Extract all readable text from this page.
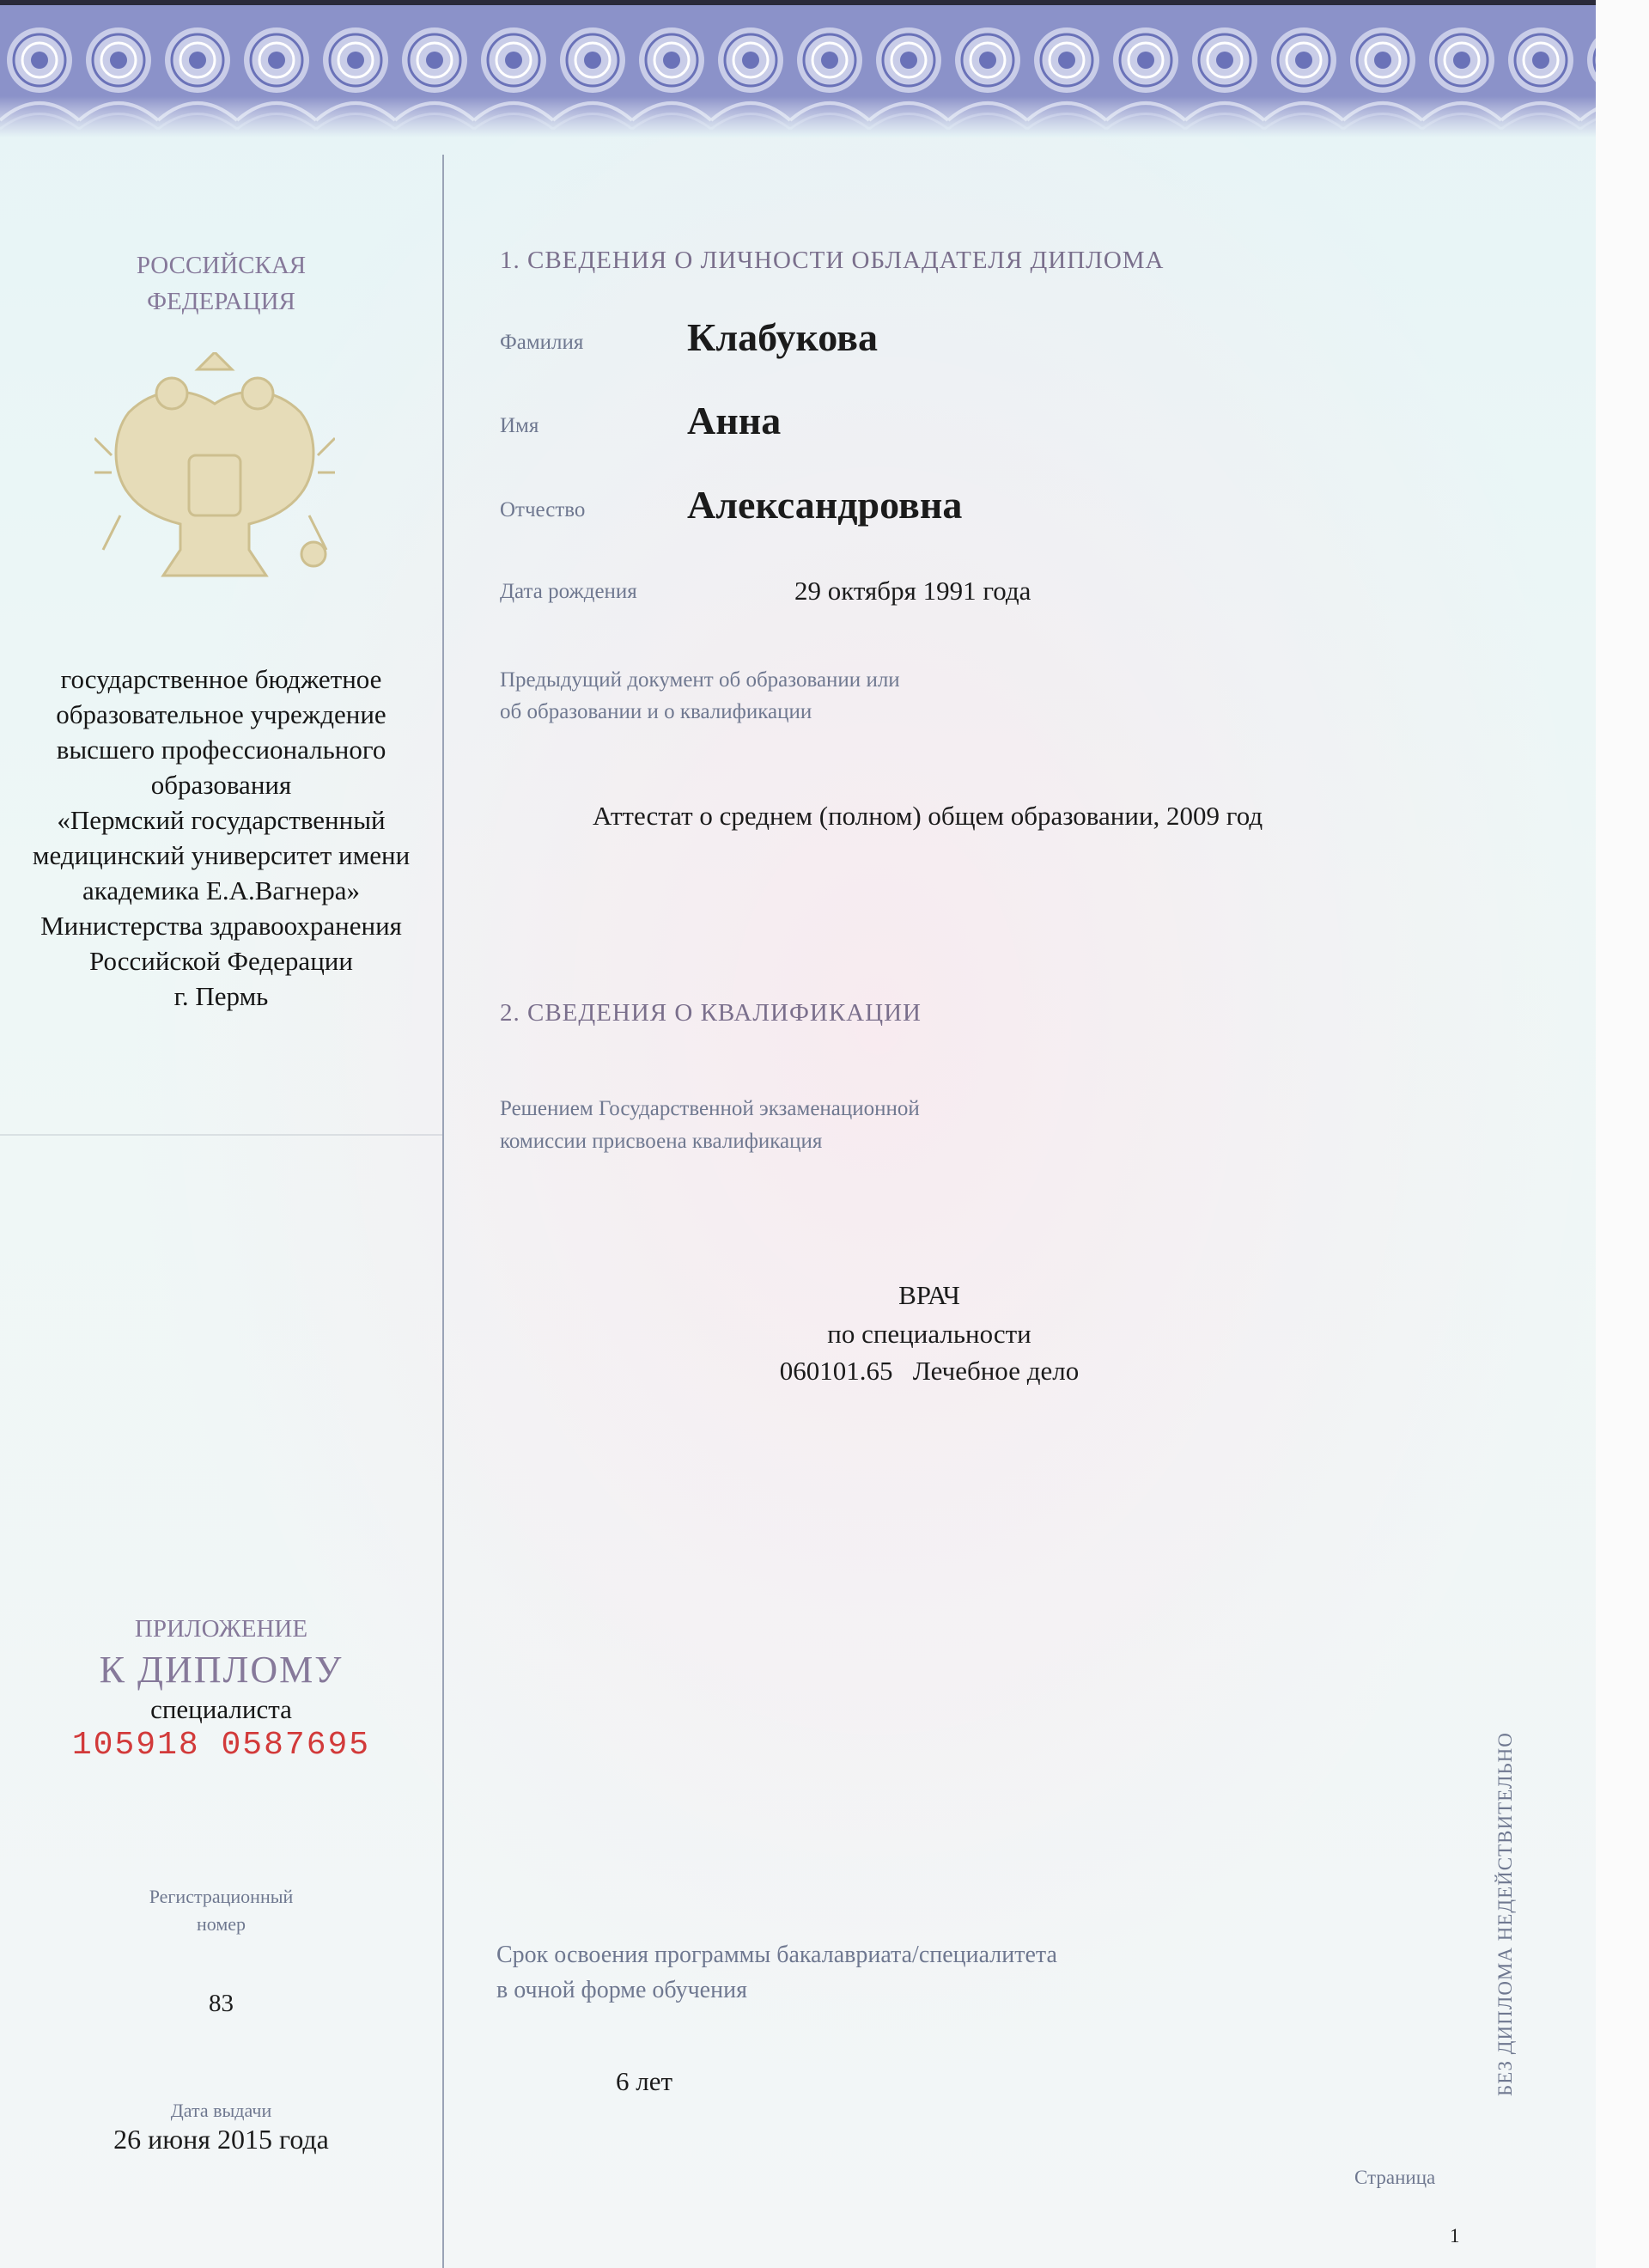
РОССИЙСКАЯ
ФЕДЕРАЦИЯ
государственное бюджетное
образовательное учреждение
высшего профессионального
образования
«Пермский государственный
медицинский университет имени
академика Е.А.Вагнера»
Министерства здравоохранения
Российской Федерации
г. Пермь
ПРИЛОЖЕНИЕ
К ДИПЛОМУ
специалиста
105918 0587695
Регистрационный
номер
83
Дата выдачи
26 июня 2015 года
1. СВЕДЕНИЯ О ЛИЧНОСТИ ОБЛАДАТЕЛЯ ДИПЛОМА
Фамилия	Клабукова
Имя	Анна
Отчество	Александровна
Дата рождения	29 октября 1991 года
Предыдущий документ об образовании или
об образовании и о квалификации
Аттестат о среднем (полном) общем образовании, 2009 год
2. СВЕДЕНИЯ О КВАЛИФИКАЦИИ
Решением Государственной экзаменационной
комиссии присвоена квалификация
ВРАЧ
по специальности
060101.65   Лечебное дело
Срок освоения программы бакалавриата/специалитета
в очной форме обучения
6 лет	БЕЗ ДИПЛОМА НЕДЕЙСТВИТЕЛЬНО
Страница
1
